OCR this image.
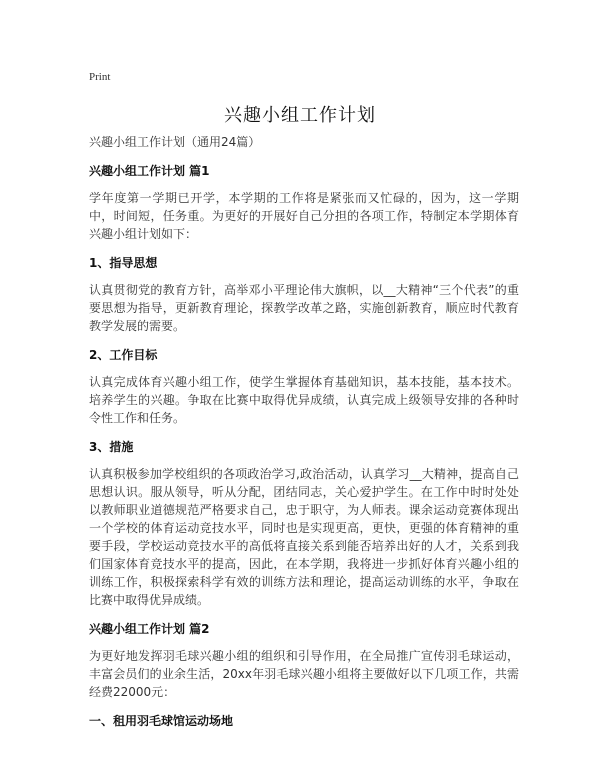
Print
兴趣小组工作计划
兴趣小组工作计划（通用24篇）
兴趣小组工作计划 篇1
学年度第一学期已开学，本学期的工作将是紧张而又忙碌的，因为，这一学期中，时间短，任务重。为更好的开展好自己分担的各项工作，特制定本学期体育兴趣小组计划如下：
1、指导思想
认真贯彻党的教育方针，高举邓小平理论伟大旗帜，以__大精神“三个代表”的重要思想为指导，更新教育理论，探教学改革之路，实施创新教育，顺应时代教育教学发展的需要。
2、工作目标
认真完成体育兴趣小组工作，使学生掌握体育基础知识，基本技能，基本技术。培养学生的兴趣。争取在比赛中取得优异成绩，认真完成上级领导安排的各种时令性工作和任务。
3、措施
认真积极参加学校组织的各项政治学习,政治活动，认真学习__大精神，提高自己思想认识。服从领导，听从分配，团结同志，关心爱护学生。在工作中时时处处以教师职业道德规范严格要求自己，忠于职守，为人师表。课余运动竞赛体现出一个学校的体育运动竞技水平，同时也是实现更高，更快，更强的体育精神的重要手段，学校运动竞技水平的高低将直接关系到能否培养出好的人才，关系到我们国家体育竞技水平的提高，因此，在本学期，我将进一步抓好体育兴趣小组的训练工作，积极探索科学有效的训练方法和理论，提高运动训练的水平，争取在比赛中取得优异成绩。
兴趣小组工作计划 篇2
为更好地发挥羽毛球兴趣小组的组织和引导作用，在全局推广宣传羽毛球运动，丰富会员们的业余生活，20xx年羽毛球兴趣小组将主要做好以下几项工作，共需经费22000元：
一、租用羽毛球馆运动场地
